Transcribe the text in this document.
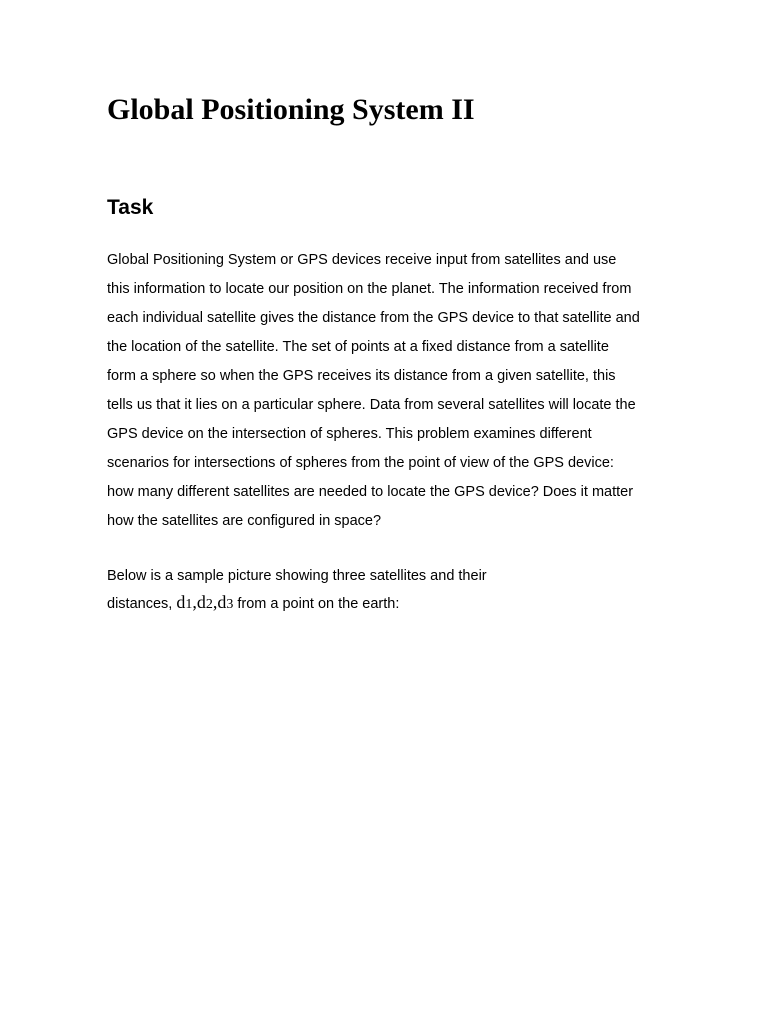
Global Positioning System II
Task

Global Positioning System or GPS devices receive input from satellites and use
this information to locate our position on the planet. The information received from
each individual satellite gives the distance from the GPS device to that satellite and
the location of the satellite. The set of points at a fixed distance from a satellite
form a sphere so when the GPS receives its distance from a given satellite, this
tells us that it lies on a particular sphere. Data from several satellites will locate the
GPS device on the intersection of spheres. This problem examines different
scenarios for intersections of spheres from the point of view of the GPS device:
how many different satellites are needed to locate the GPS device? Does it matter
how the satellites are configured in space?

Below is a sample picture showing three satellites and their
distances, d1,d2,d3 from a point on the earth:
